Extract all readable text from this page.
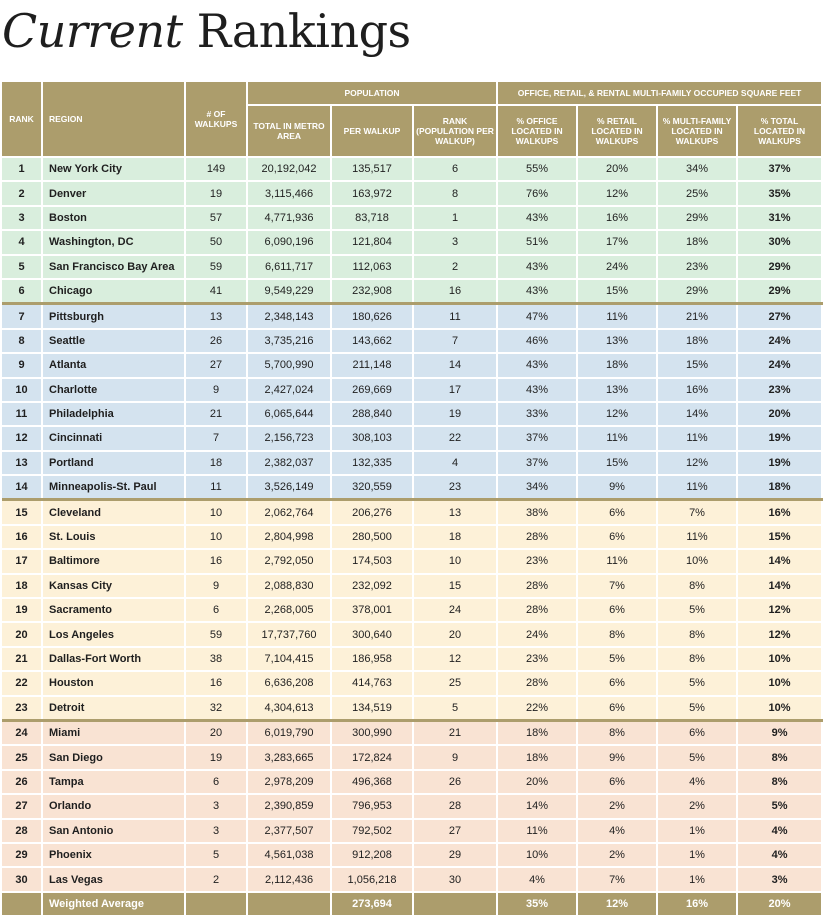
Current Rankings
RANK	REGION	# OF WALKUPS	POPULATION			OFFICE, RETAIL, & RENTAL MULTI-FAMILY OCCUPIED SQUARE FEET			
			TOTAL IN METRO AREA	PER WALKUP	RANK (POPULATION PER WALKUP)	% OFFICE LOCATED IN WALKUPS	% RETAIL LOCATED IN WALKUPS	% MULTI-FAMILY LOCATED IN WALKUPS	% TOTAL LOCATED IN WALKUPS
1	New York City	149	20,192,042	135,517	6	55%	20%	34%	37%
2	Denver	19	3,115,466	163,972	8	76%	12%	25%	35%
3	Boston	57	4,771,936	83,718	1	43%	16%	29%	31%
4	Washington, DC	50	6,090,196	121,804	3	51%	17%	18%	30%
5	San Francisco Bay Area	59	6,611,717	112,063	2	43%	24%	23%	29%
6	Chicago	41	9,549,229	232,908	16	43%	15%	29%	29%
7	Pittsburgh	13	2,348,143	180,626	11	47%	11%	21%	27%
8	Seattle	26	3,735,216	143,662	7	46%	13%	18%	24%
9	Atlanta	27	5,700,990	211,148	14	43%	18%	15%	24%
10	Charlotte	9	2,427,024	269,669	17	43%	13%	16%	23%
11	Philadelphia	21	6,065,644	288,840	19	33%	12%	14%	20%
12	Cincinnati	7	2,156,723	308,103	22	37%	11%	11%	19%
13	Portland	18	2,382,037	132,335	4	37%	15%	12%	19%
14	Minneapolis-St. Paul	11	3,526,149	320,559	23	34%	9%	11%	18%
15	Cleveland	10	2,062,764	206,276	13	38%	6%	7%	16%
16	St. Louis	10	2,804,998	280,500	18	28%	6%	11%	15%
17	Baltimore	16	2,792,050	174,503	10	23%	11%	10%	14%
18	Kansas City	9	2,088,830	232,092	15	28%	7%	8%	14%
19	Sacramento	6	2,268,005	378,001	24	28%	6%	5%	12%
20	Los Angeles	59	17,737,760	300,640	20	24%	8%	8%	12%
21	Dallas-Fort Worth	38	7,104,415	186,958	12	23%	5%	8%	10%
22	Houston	16	6,636,208	414,763	25	28%	6%	5%	10%
23	Detroit	32	4,304,613	134,519	5	22%	6%	5%	10%
24	Miami	20	6,019,790	300,990	21	18%	8%	6%	9%
25	San Diego	19	3,283,665	172,824	9	18%	9%	5%	8%
26	Tampa	6	2,978,209	496,368	26	20%	6%	4%	8%
27	Orlando	3	2,390,859	796,953	28	14%	2%	2%	5%
28	San Antonio	3	2,377,507	792,502	27	11%	4%	1%	4%
29	Phoenix	5	4,561,038	912,208	29	10%	2%	1%	4%
30	Las Vegas	2	2,112,436	1,056,218	30	4%	7%	1%	3%
	Weighted Average			273,694		35%	12%	16%	20%
